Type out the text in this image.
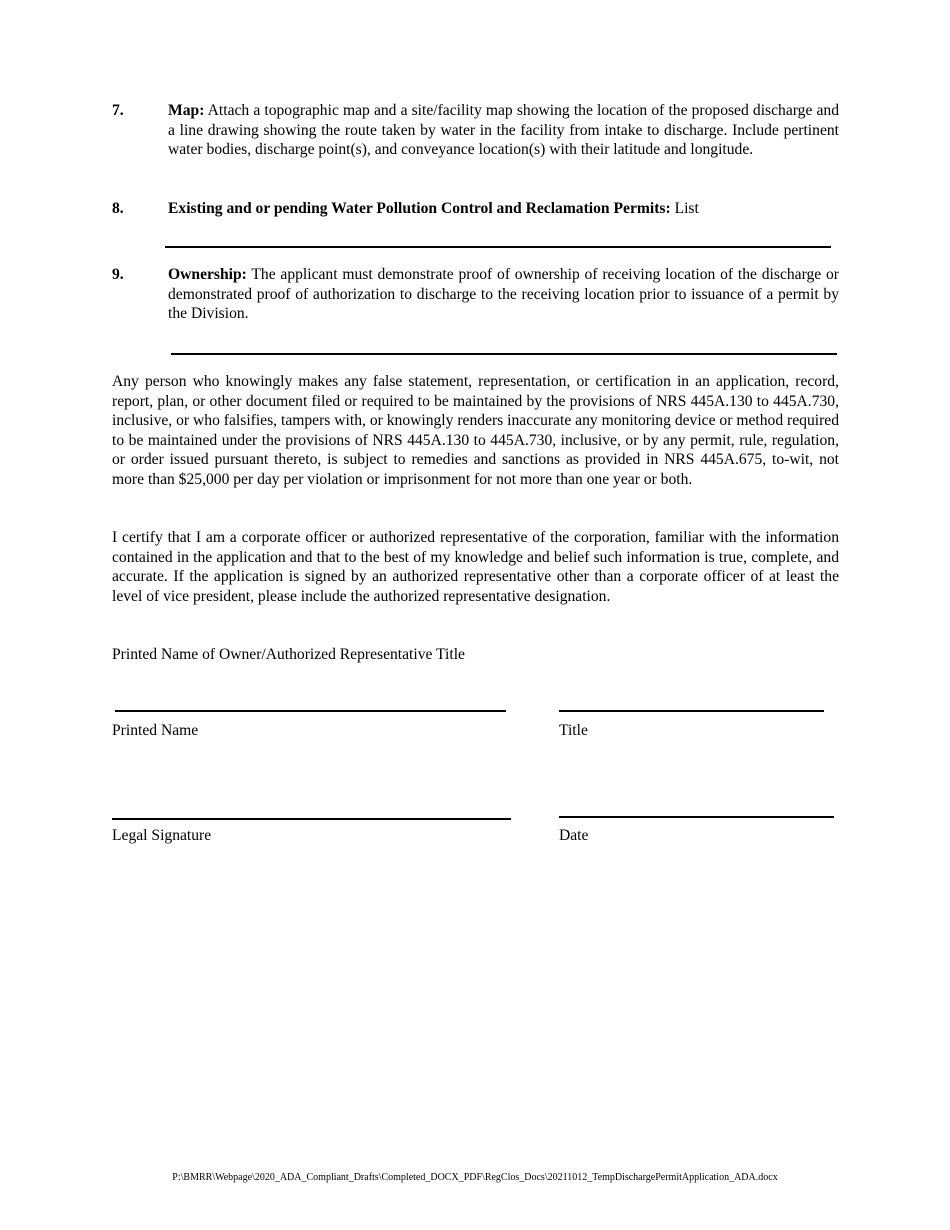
7.	Map: Attach a topographic map and a site/facility map showing the location of the proposed discharge and a line drawing showing the route taken by water in the facility from intake to discharge. Include pertinent water bodies, discharge point(s), and conveyance location(s) with their latitude and longitude.
8.	Existing and or pending Water Pollution Control and Reclamation Permits: List
9.	Ownership: The applicant must demonstrate proof of ownership of receiving location of the discharge or demonstrated proof of authorization to discharge to the receiving location prior to issuance of a permit by the Division.
Any person who knowingly makes any false statement, representation, or certification in an application, record, report, plan, or other document filed or required to be maintained by the provisions of NRS 445A.130 to 445A.730, inclusive, or who falsifies, tampers with, or knowingly renders inaccurate any monitoring device or method required to be maintained under the provisions of NRS 445A.130 to 445A.730, inclusive, or by any permit, rule, regulation, or order issued pursuant thereto, is subject to remedies and sanctions as provided in NRS 445A.675, to-wit, not more than $25,000 per day per violation or imprisonment for not more than one year or both.
I certify that I am a corporate officer or authorized representative of the corporation, familiar with the information contained in the application and that to the best of my knowledge and belief such information is true, complete, and accurate. If the application is signed by an authorized representative other than a corporate officer of at least the level of vice president, please include the authorized representative designation.
Printed Name of Owner/Authorized Representative Title
Printed Name	Title
Legal Signature	Date
P:\BMRR\Webpage\2020_ADA_Compliant_Drafts\Completed_DOCX_PDF\RegClos_Docs\20211012_TempDischargePermitApplication_ADA.docx
